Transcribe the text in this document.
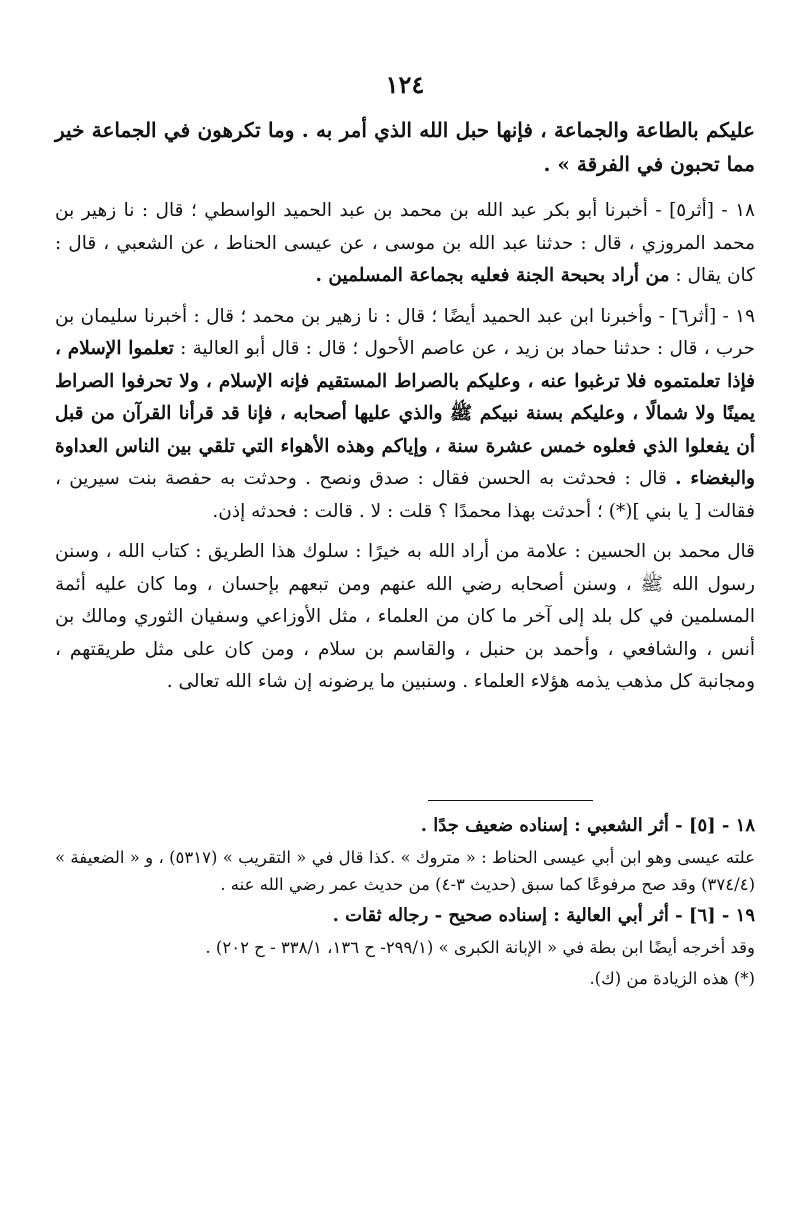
١٢٤

عليكم بالطاعة والجماعة ، فإنها حبل الله الذي أمر به . وما تكرهون في الجماعة خير مما تحبون في الفرقة » .

١٨ - [أثر٥] - أخبرنا أبو بكر عبد الله بن محمد بن عبد الحميد الواسطي ؛ قال : نا زهير بن محمد المروزي ، قال : حدثنا عبد الله بن موسى ، عن عيسى الحناط ، عن الشعبي ، قال : كان يقال : من أراد بحبحة الجنة فعليه بجماعة المسلمين .

١٩ - [أثر٦] - وأخبرنا ابن عبد الحميد أيضًا ؛ قال : نا زهير بن محمد ؛ قال : أخبرنا سليمان بن حرب ، قال : حدثنا حماد بن زيد ، عن عاصم الأحول ؛ قال : قال أبو العالية : تعلموا الإسلام ، فإذا تعلمتموه فلا ترغبوا عنه ، وعليكم بالصراط المستقيم فإنه الإسلام ، ولا تحرفوا الصراط يمينًا ولا شمالًا ، وعليكم بسنة نبيكم ﷺ والذي عليها أصحابه ، فإنا قد قرأنا القرآن من قبل أن يفعلوا الذي فعلوه خمس عشرة سنة ، وإياكم وهذه الأهواء التي تلقي بين الناس العداوة والبغضاء . قال : فحدثت به الحسن فقال : صدق ونصح . وحدثت به حفصة بنت سيرين ، فقالت [ يا بني ](*) ؛ أحدثت بهذا محمدًا ؟ قلت : لا . قالت : فحدثه إذن.

قال محمد بن الحسين : علامة من أراد الله به خيرًا : سلوك هذا الطريق : كتاب الله ، وسنن رسول الله ﷺ ، وسنن أصحابه رضي الله عنهم ومن تبعهم بإحسان ، وما كان عليه أئمة المسلمين في كل بلد إلى آخر ما كان من العلماء ، مثل الأوزاعي وسفيان الثوري ومالك بن أنس ، والشافعي ، وأحمد بن حنبل ، والقاسم بن سلام ، ومن كان على مثل طريقتهم ، ومجانبة كل مذهب يذمه هؤلاء العلماء . وسنبين ما يرضونه إن شاء الله تعالى .

١٨ - [٥] - أثر الشعبي : إسناده ضعيف جدًا .

علته عيسى وهو ابن أبي عيسى الحناط : « متروك » .كذا قال في « التقريب » (٥٣١٧) ، و « الضعيفة » (٣٧٤/٤) وقد صح مرفوعًا كما سبق (حديث ٣-٤) من حديث عمر رضي الله عنه .

١٩ - [٦] - أثر أبي العالية : إسناده صحيح - رجاله ثقات .

وقد أخرجه أيضًا ابن بطة في « الإبانة الكبرى » (٢٩٩/١- ح ١٣٦، ٣٣٨/١ - ح ٢٠٢) .

(*) هذه الزيادة من (ك).
